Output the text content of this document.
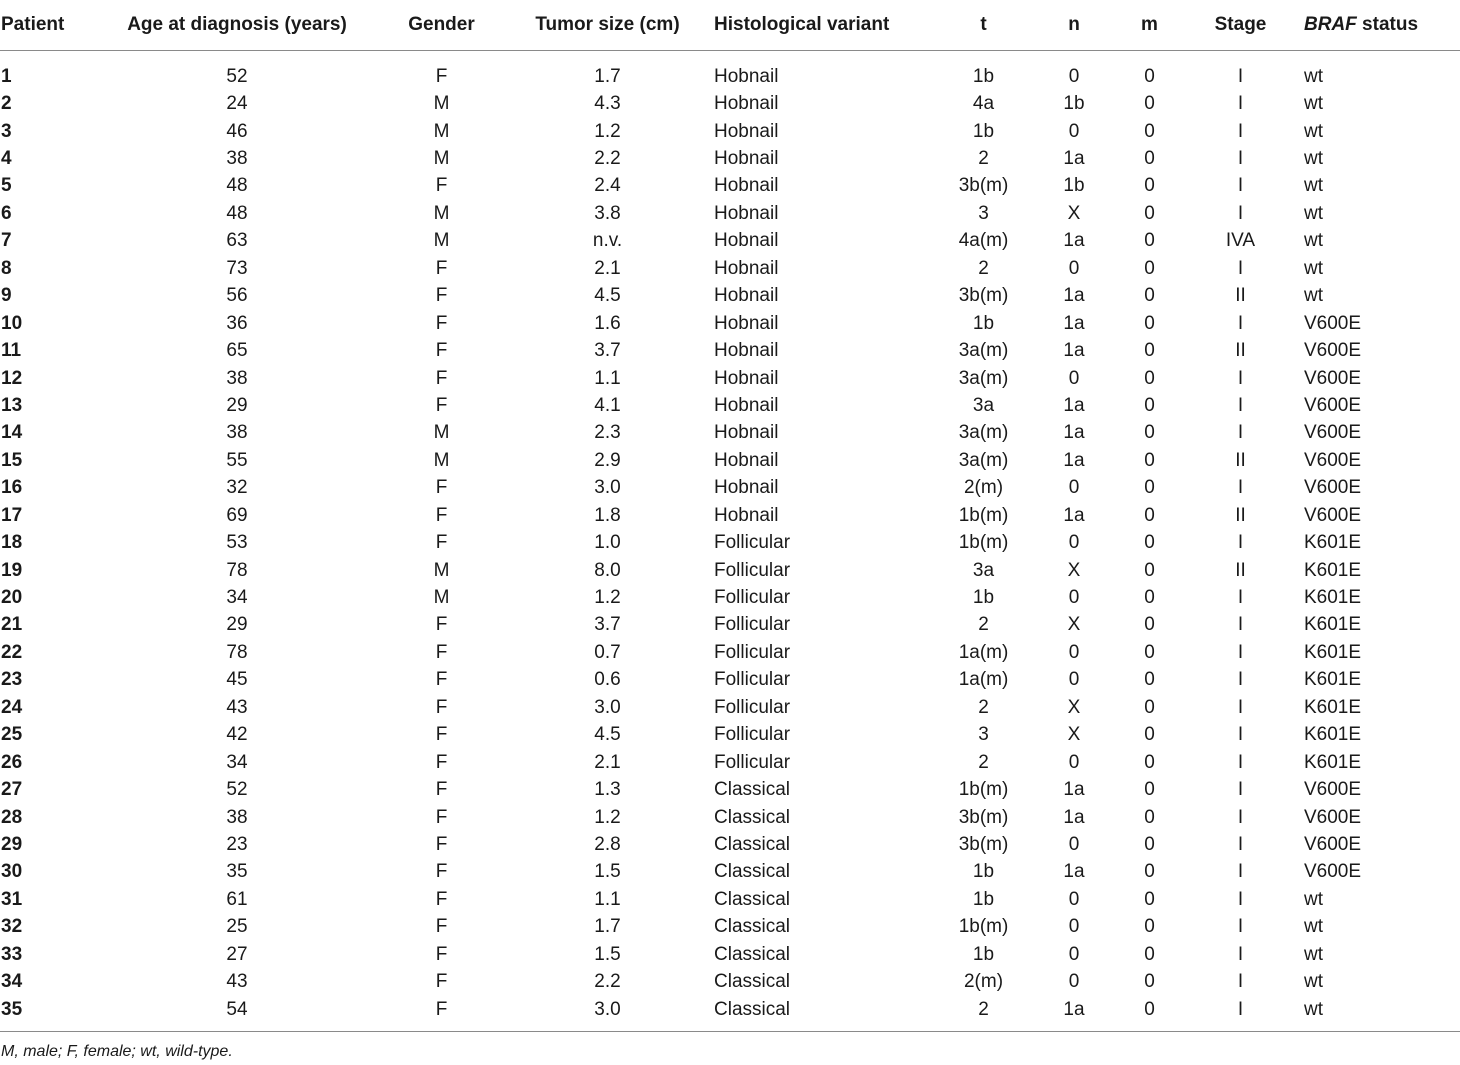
Patient	Age at diagnosis (years)	Gender	Tumor size (cm)	Histological variant	t	n	m	Stage	BRAF status
1	52	F	1.7	Hobnail	1b	0	0	I	wt
2	24	M	4.3	Hobnail	4a	1b	0	I	wt
3	46	M	1.2	Hobnail	1b	0	0	I	wt
4	38	M	2.2	Hobnail	2	1a	0	I	wt
5	48	F	2.4	Hobnail	3b(m)	1b	0	I	wt
6	48	M	3.8	Hobnail	3	X	0	I	wt
7	63	M	n.v.	Hobnail	4a(m)	1a	0	IVA	wt
8	73	F	2.1	Hobnail	2	0	0	I	wt
9	56	F	4.5	Hobnail	3b(m)	1a	0	II	wt
10	36	F	1.6	Hobnail	1b	1a	0	I	V600E
11	65	F	3.7	Hobnail	3a(m)	1a	0	II	V600E
12	38	F	1.1	Hobnail	3a(m)	0	0	I	V600E
13	29	F	4.1	Hobnail	3a	1a	0	I	V600E
14	38	M	2.3	Hobnail	3a(m)	1a	0	I	V600E
15	55	M	2.9	Hobnail	3a(m)	1a	0	II	V600E
16	32	F	3.0	Hobnail	2(m)	0	0	I	V600E
17	69	F	1.8	Hobnail	1b(m)	1a	0	II	V600E
18	53	F	1.0	Follicular	1b(m)	0	0	I	K601E
19	78	M	8.0	Follicular	3a	X	0	II	K601E
20	34	M	1.2	Follicular	1b	0	0	I	K601E
21	29	F	3.7	Follicular	2	X	0	I	K601E
22	78	F	0.7	Follicular	1a(m)	0	0	I	K601E
23	45	F	0.6	Follicular	1a(m)	0	0	I	K601E
24	43	F	3.0	Follicular	2	X	0	I	K601E
25	42	F	4.5	Follicular	3	X	0	I	K601E
26	34	F	2.1	Follicular	2	0	0	I	K601E
27	52	F	1.3	Classical	1b(m)	1a	0	I	V600E
28	38	F	1.2	Classical	3b(m)	1a	0	I	V600E
29	23	F	2.8	Classical	3b(m)	0	0	I	V600E
30	35	F	1.5	Classical	1b	1a	0	I	V600E
31	61	F	1.1	Classical	1b	0	0	I	wt
32	25	F	1.7	Classical	1b(m)	0	0	I	wt
33	27	F	1.5	Classical	1b	0	0	I	wt
34	43	F	2.2	Classical	2(m)	0	0	I	wt
35	54	F	3.0	Classical	2	1a	0	I	wt
M, male; F, female; wt, wild-type.
